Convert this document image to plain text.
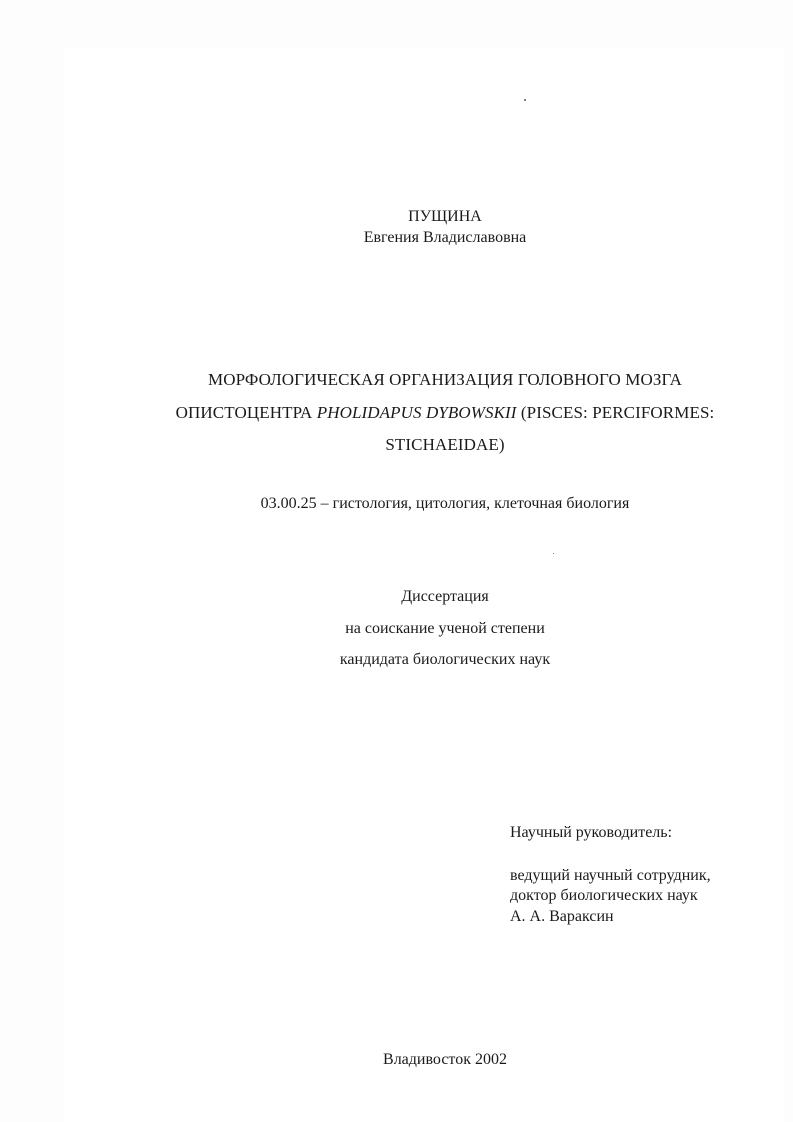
ПУЩИНА
Евгения Владиславовна
МОРФОЛОГИЧЕСКАЯ ОРГАНИЗАЦИЯ ГОЛОВНОГО МОЗГА
ОПИСТОЦЕНТРА PHOLIDAPUS DYBOWSKII (PISCES: PERCIFORMES:
STICHAEIDAE)
03.00.25 – гистология, цитология, клеточная биология
Диссертация
на соискание ученой степени
кандидата биологических наук
Научный руководитель:
ведущий научный сотрудник,
доктор биологических наук
А. А. Вараксин
Владивосток 2002
